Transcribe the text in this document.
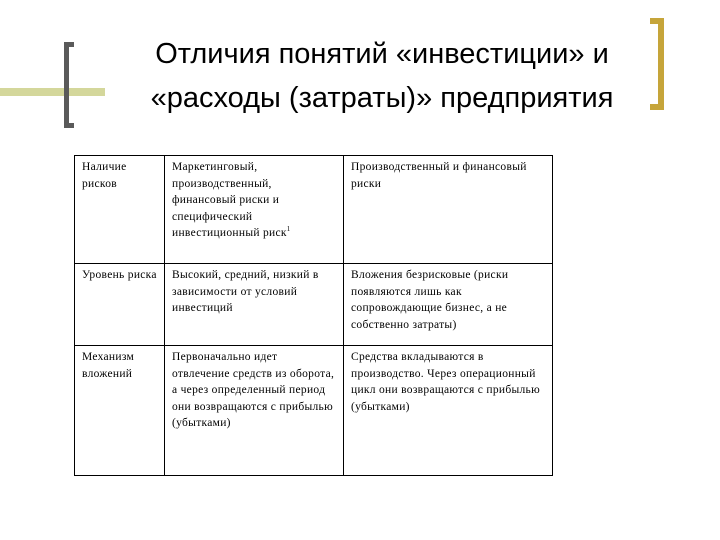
Отличия понятий «инвестиции» и
«расходы (затраты)» предприятия
Наличие рисков	Маркетинговый, производственный, финансовый риски и специфический инвестиционный риск$^1$	Производственный и финансовый риски
Уровень риска	Высокий, средний, низкий в зависимости от условий инвестиций	Вложения безрисковые (риски появляются лишь как сопровождающие бизнес, а не собственно затраты)
Механизм вложений	Первоначально идет отвлечение средств из оборота, а через определенный период они возвращаются с прибылью (убытками)	Средства вкладываются в производство. Через операционный цикл они возвращаются с прибылью (убытками)
